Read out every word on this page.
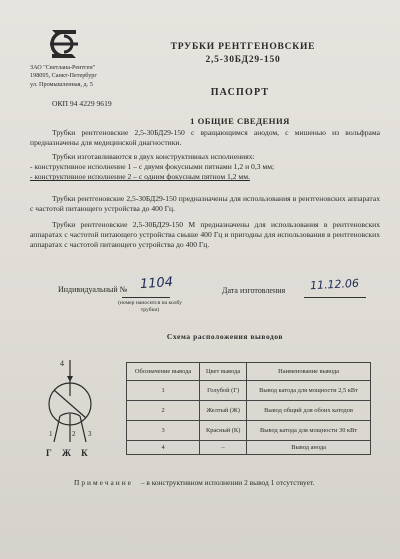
ЗАО "Светлана-Рентген"
198095, Санкт-Петербург
ул. Промышленная, д. 5
ОКП 94 4229 9619
ТРУБКИ РЕНТГЕНОВСКИЕ
2,5-30БД29-150
ПАСПОРТ
1 ОБЩИЕ СВЕДЕНИЯ

Трубки рентгеновские 2,5-30БД29-150 с вращающимся анодом, с мишенью из вольфрама предназначены для медицинской диагностики.

Трубки изготавливаются в двух конструктивных исполнениях:

- конструктивное исполнение 1 – с двумя фокусными пятнами 1,2 и 0,3 мм;
- конструктивное исполнение 2 – с одним фокусным пятном 1,2 мм.

Трубки рентгеновские 2,5-30БД29-150 предназначены для использования в рентгеновских аппаратах с частотой питающего устройства до 400 Гц.

Трубки рентгеновские 2,5-30БД29-150 М предназначены для использования в рентгеновских аппаратах с частотой питающего устройства свыше 400 Гц и пригодны для использования в рентгеновских аппаратах с частотой питающего устройства до 400 Гц.

Индивидуальный № 1104
(номер наносится на колбу трубки)
Дата изготовления 11.12.06
Схема расположения выводов
4
1	2 3
Г Ж К
Обозначение вывода	Цвет вывода	Наименование вывода
1	Голубой (Г)	Вывод катода для мощности 2,5 кВт
2	Желтый (Ж)	Вывод общий для обоих катодов
3	Красный (К)	Вывод катода для мощности 30 кВт
4	–	Вывод анода
Примечание – в конструктивном исполнении 2 вывод 1 отсутствует.
